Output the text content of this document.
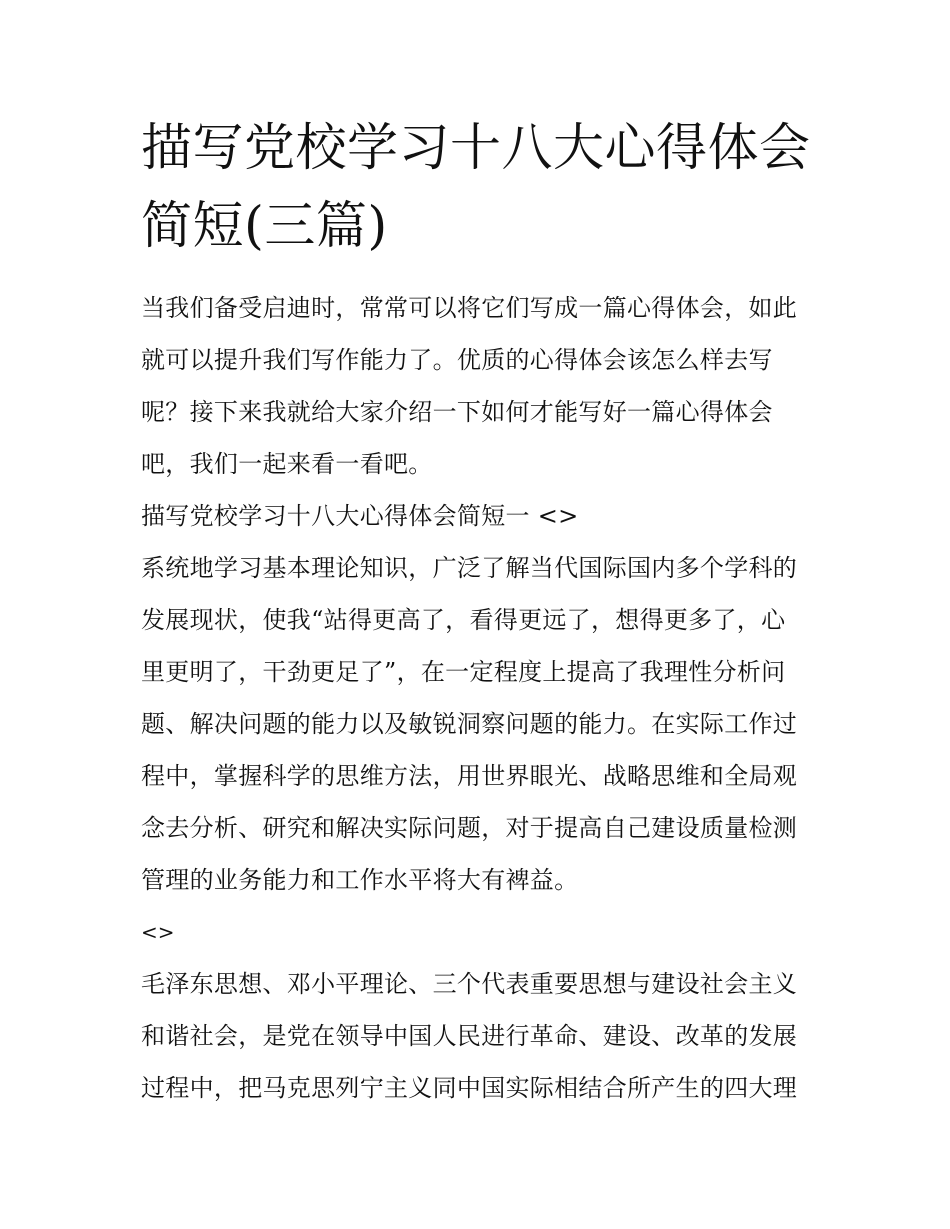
描写党校学习十八大心得体会
简短(三篇)
当我们备受启迪时，常常可以将它们写成一篇心得体会，如此
就可以提升我们写作能力了。优质的心得体会该怎么样去写
呢？接下来我就给大家介绍一下如何才能写好一篇心得体会
吧，我们一起来看一看吧。
描写党校学习十八大心得体会简短一 <>
系统地学习基本理论知识，广泛了解当代国际国内多个学科的
发展现状，使我“站得更高了，看得更远了，想得更多了，心
里更明了，干劲更足了”，在一定程度上提高了我理性分析问
题、解决问题的能力以及敏锐洞察问题的能力。在实际工作过
程中，掌握科学的思维方法，用世界眼光、战略思维和全局观
念去分析、研究和解决实际问题，对于提高自己建设质量检测
管理的业务能力和工作水平将大有裨益。
<>
毛泽东思想、邓小平理论、三个代表重要思想与建设社会主义
和谐社会，是党在领导中国人民进行革命、建设、改革的发展
过程中，把马克思列宁主义同中国实际相结合所产生的四大理
